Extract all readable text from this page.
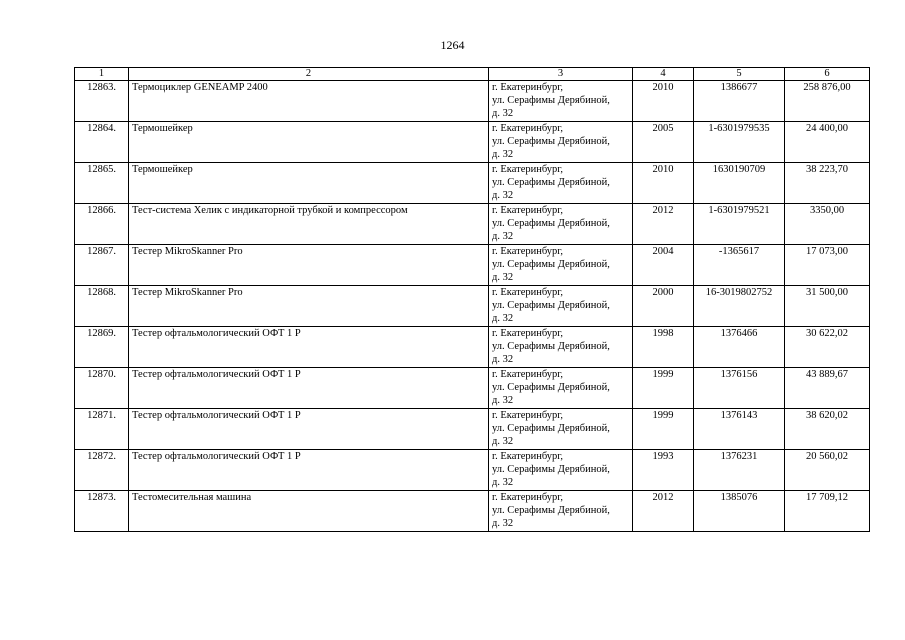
1264
1	2	3	4	5	6
12863.	Термоциклер GENEAMP 2400	г. Екатеринбург,
ул. Серафимы Дерябиной,
д. 32	2010	1386677	258 876,00
12864.	Термошейкер	г. Екатеринбург,
ул. Серафимы Дерябиной,
д. 32	2005	1-6301979535	24 400,00
12865.	Термошейкер	г. Екатеринбург,
ул. Серафимы Дерябиной,
д. 32	2010	1630190709	38 223,70
12866.	Тест-система Хелик с индикаторной трубкой и компрессором	г. Екатеринбург,
ул. Серафимы Дерябиной,
д. 32	2012	1-6301979521	3350,00
12867.	Тестер MikroSkanner Pro	г. Екатеринбург,
ул. Серафимы Дерябиной,
д. 32	2004	-1365617	17 073,00
12868.	Тестер MikroSkanner Pro	г. Екатеринбург,
ул. Серафимы Дерябиной,
д. 32	2000	16-3019802752	31 500,00
12869.	Тестер офтальмологический ОФТ 1 Р	г. Екатеринбург,
ул. Серафимы Дерябиной,
д. 32	1998	1376466	30 622,02
12870.	Тестер офтальмологический ОФТ 1 Р	г. Екатеринбург,
ул. Серафимы Дерябиной,
д. 32	1999	1376156	43 889,67
12871.	Тестер офтальмологический ОФТ 1 Р	г. Екатеринбург,
ул. Серафимы Дерябиной,
д. 32	1999	1376143	38 620,02
12872.	Тестер офтальмологический ОФТ 1 Р	г. Екатеринбург,
ул. Серафимы Дерябиной,
д. 32	1993	1376231	20 560,02
12873.	Тестомесительная машина	г. Екатеринбург,
ул. Серафимы Дерябиной,
д. 32	2012	1385076	17 709,12
